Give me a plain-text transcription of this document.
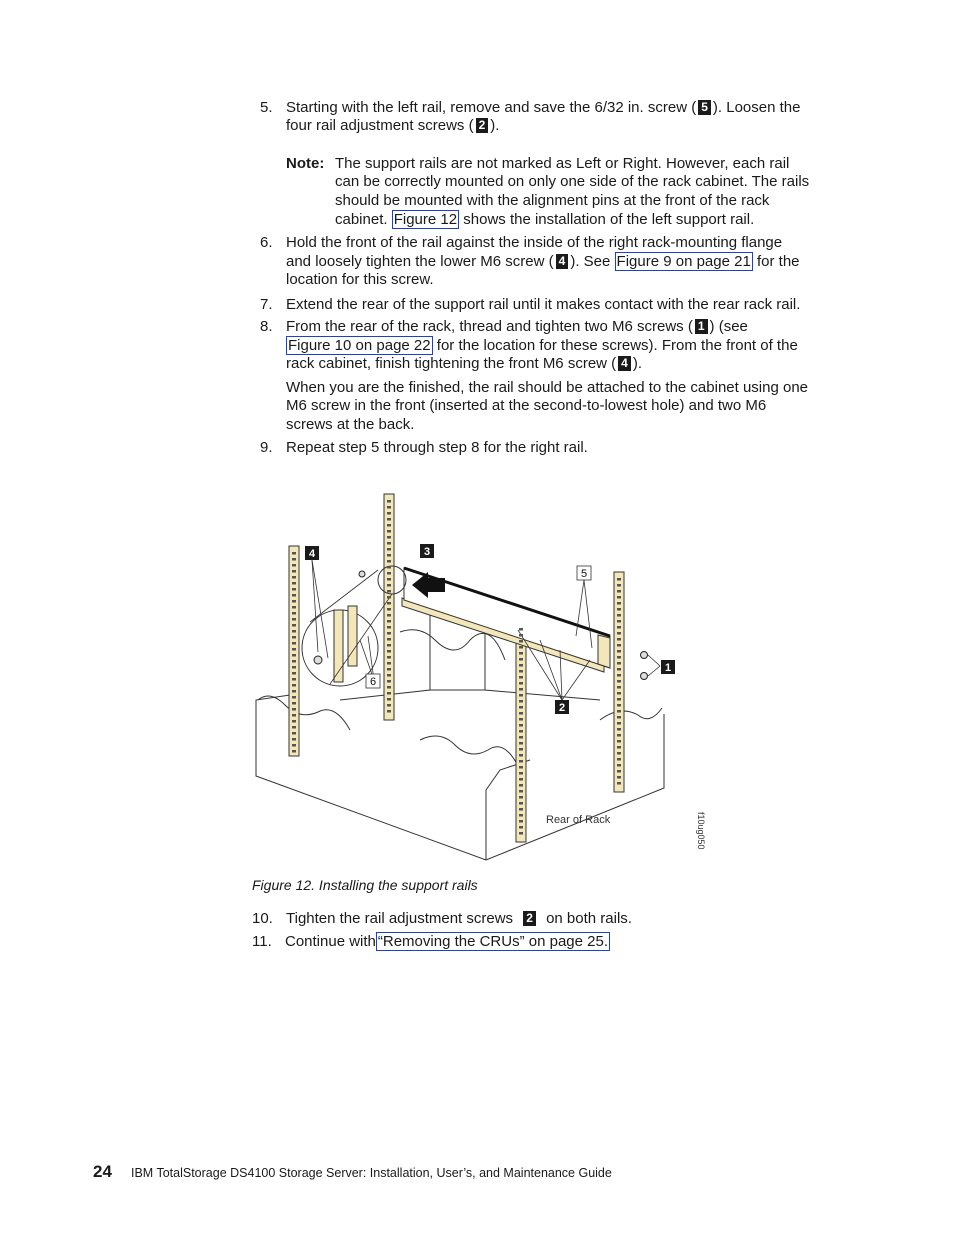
5. Starting with the left rail, remove and save the 6/32 in. screw ( 5 ). Loosen the
four rail adjustment screws ( 2 ).
Note: The support rails are not marked as Left or Right. However, each rail
can be correctly mounted on only one side of the rack cabinet. The rails
should be mounted with the alignment pins at the front of the rack
cabinet. Figure 12 shows the installation of the left support rail.
6. Hold the front of the rail against the inside of the right rack-mounting flange
and loosely tighten the lower M6 screw ( 4 ). See Figure 9 on page 21 for the
location for this screw.
7. Extend the rear of the support rail until it makes contact with the rear rack rail.
8. From the rear of the rack, thread and tighten two M6 screws ( 1 ) (see
Figure 10 on page 22 for the location for these screws). From the front of the
rack cabinet, finish tightening the front M6 screw ( 4 ).
When you are the finished, the rail should be attached to the cabinet using one
M6 screw in the front (inserted at the second-to-lowest hole) and two M6
screws at the back.
9. Repeat step 5 through step 8 for the right rail.
4	3
5
1
2
6
Rear of Rack	f10ug050
Figure 12. Installing the support rails
10. Tighten the rail adjustment screws 2 on both rails.
11. Continue with “Removing the CRUs” on page 25.
24 IBM TotalStorage DS4100 Storage Server: Installation, User’s, and Maintenance Guide
